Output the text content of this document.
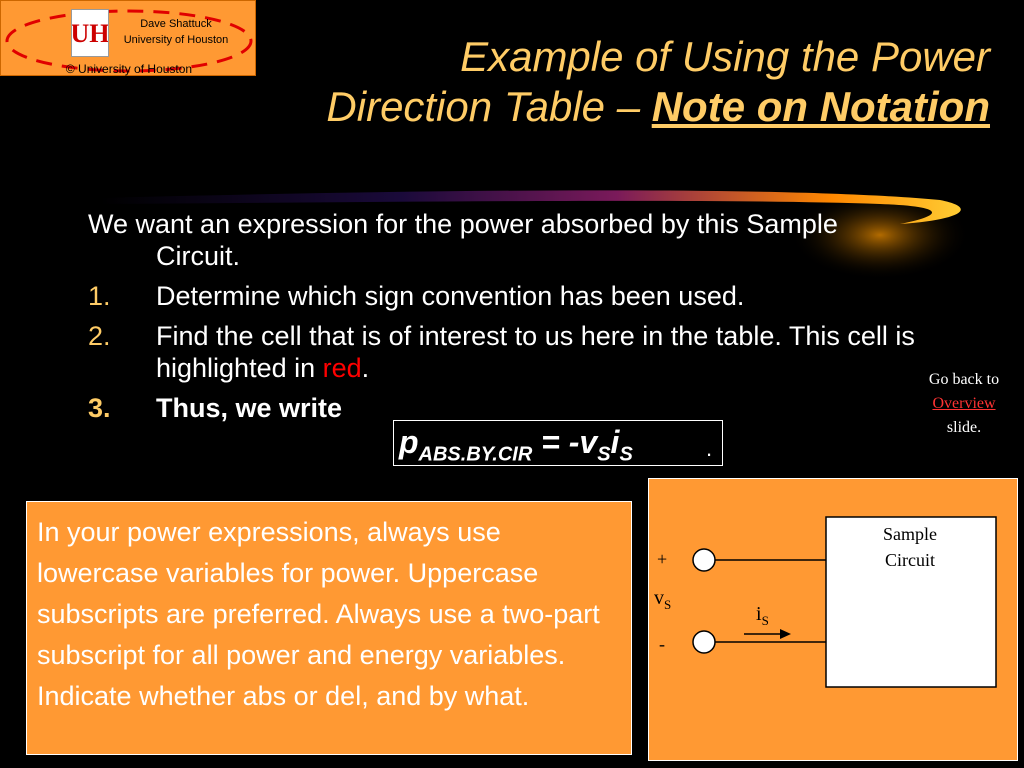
UH	Dave Shattuck
University of Houston
© University of Houston	Example of Using the Power
Direction Table – Note on Notation

We want an expression for the power absorbed by this Sample Circuit.

1.	Determine which sign convention has been used.
2.	Find the cell that is of interest to us here in the table. This cell is highlighted in red.
3.	Thus, we write
$p_{ABS.BY.CIR} = -v_Si_S$	.
Go back to
Overview
slide.
In your power expressions, always use lowercase variables for power. Uppercase subscripts are preferred. Always use a two-part subscript for all power and energy variables. Indicate whether abs or del, and by what.
Sample
Circuit
+
-
$v_S$	$i_S$
